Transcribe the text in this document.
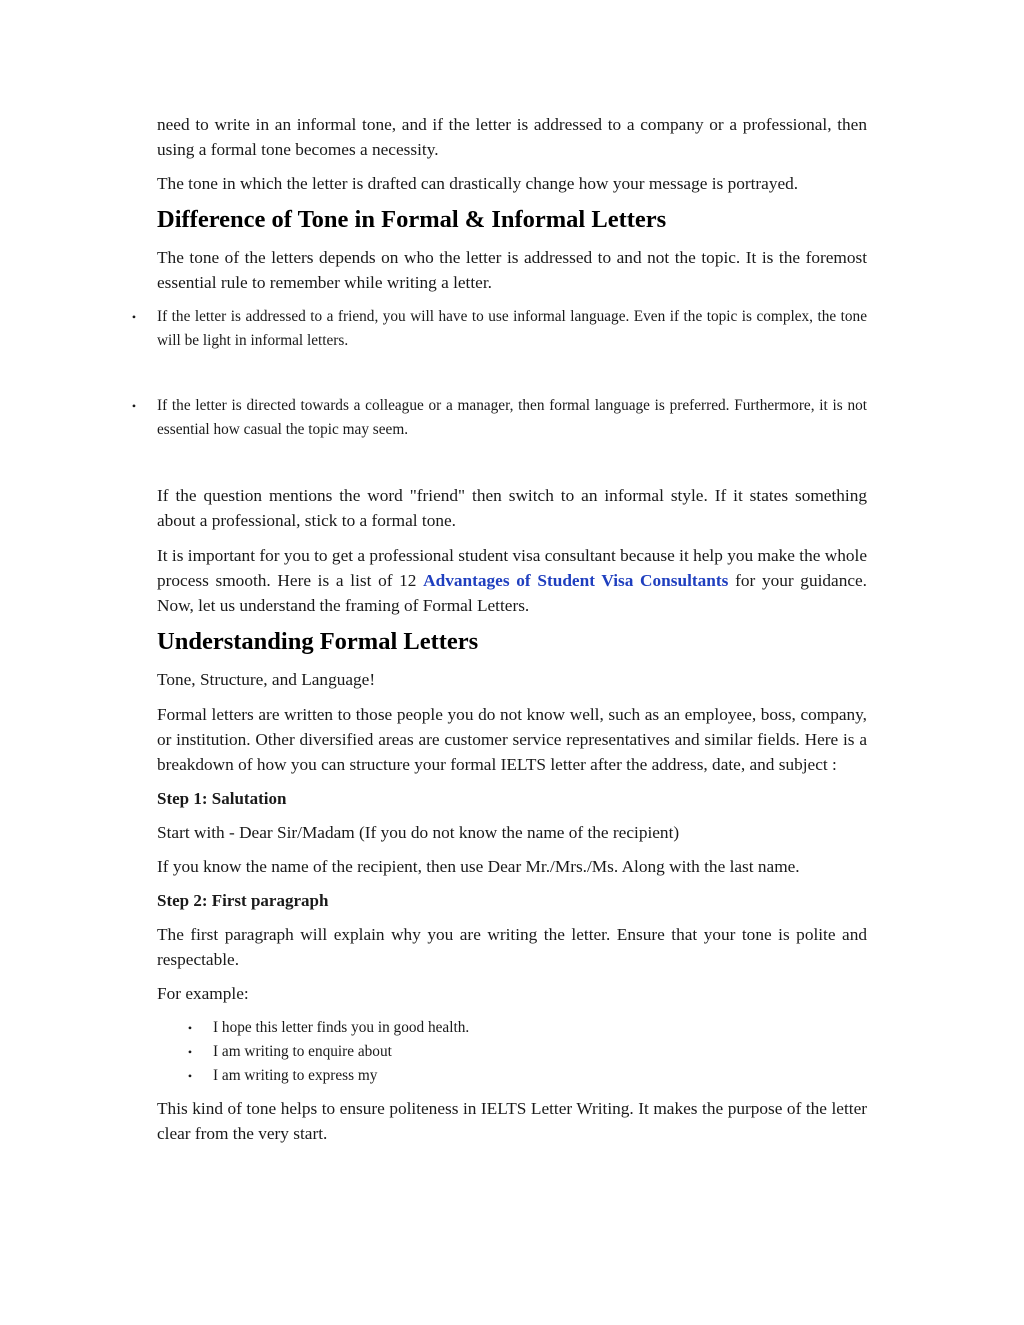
need to write in an informal tone, and if the letter is addressed to a company or a professional, then using a formal tone becomes a necessity.

The tone in which the letter is drafted can drastically change how your message is portrayed.

Difference of Tone in Formal & Informal Letters

The tone of the letters depends on who the letter is addressed to and not the topic. It is the foremost essential rule to remember while writing a letter.

•	If the letter is addressed to a friend, you will have to use informal language. Even if the topic is complex, the tone will be light in informal letters.
•	If the letter is directed towards a colleague or a manager, then formal language is preferred. Furthermore, it is not essential how casual the topic may seem.

If the question mentions the word "friend" then switch to an informal style. If it states something about a professional, stick to a formal tone.

It is important for you to get a professional student visa consultant because it help you make the whole process smooth. Here is a list of 12 Advantages of Student Visa Consultants for your guidance. Now, let us understand the framing of Formal Letters.

Understanding Formal Letters

Tone, Structure, and Language!

Formal letters are written to those people you do not know well, such as an employee, boss, company, or institution. Other diversified areas are customer service representatives and similar fields. Here is a breakdown of how you can structure your formal IELTS letter after the address, date, and subject :

Step 1: Salutation

Start with - Dear Sir/Madam (If you do not know the name of the recipient)

If you know the name of the recipient, then use Dear Mr./Mrs./Ms. Along with the last name.

Step 2: First paragraph

The first paragraph will explain why you are writing the letter. Ensure that your tone is polite and respectable.

For example:

•	I hope this letter finds you in good health.
•	I am writing to enquire about
•	I am writing to express my

This kind of tone helps to ensure politeness in IELTS Letter Writing. It makes the purpose of the letter clear from the very start.
